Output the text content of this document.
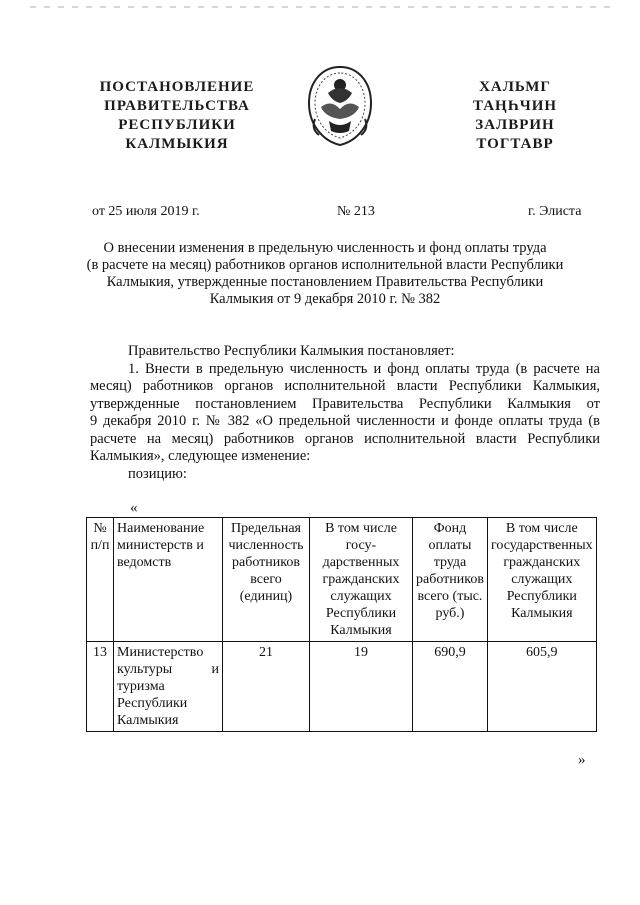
ПОСТАНОВЛЕНИЕ
ПРАВИТЕЛЬСТВА
РЕСПУБЛИКИ
КАЛМЫКИЯ
ХАЛЬМГ
ТАҢҺЧИН
ЗАЛВРИН
ТОГТАВР
от 25 июля 2019 г.	№ 213	г. Элиста
О внесении изменения в предельную численность и фонд оплаты труда
(в расчете на месяц) работников органов исполнительной власти Республики
Калмыкия, утвержденные постановлением Правительства Республики
Калмыкия от 9 декабря 2010 г. № 382
Правительство Республики Калмыкия постановляет:
1. Внести в предельную численность и фонд оплаты труда (в расчете на
месяц) работников органов исполнительной власти Республики Калмыкия,
утвержденные постановлением Правительства Республики Калмыкия от
9 декабря 2010 г. № 382 «О предельной численности и фонде оплаты труда (в
расчете на месяц) работников органов исполнительной власти Республики
Калмыкия», следующее изменение:
позицию:
«
№ п/п	Наименование министерств и ведомств	Предельная численность работников всего (единиц)	В том числе госу-дарственных гражданских служащих Республики Калмыкия	Фонд оплаты труда работников всего (тыс. руб.)	В том числе государственных гражданских служащих Республики Калмыкия
13	Министерство культуры и туризма Республики Калмыкия	21	19	690,9	605,9
»
